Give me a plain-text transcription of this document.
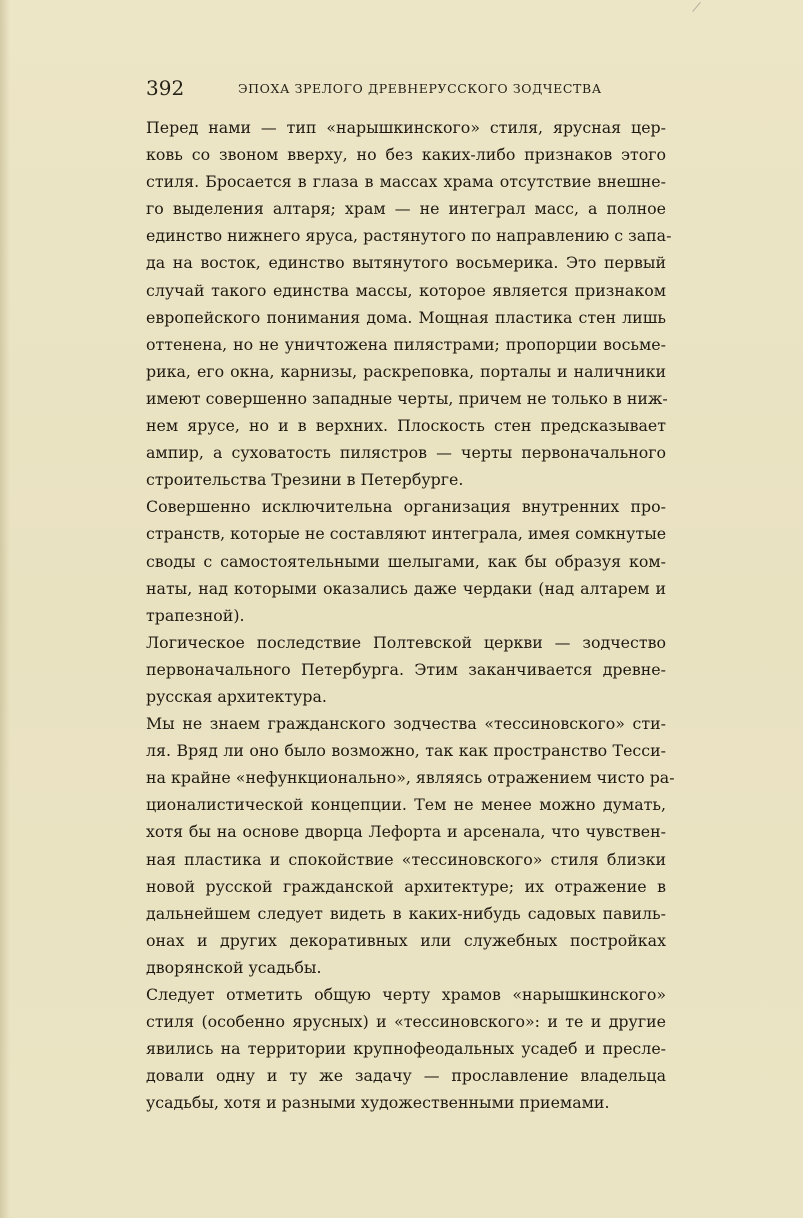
392	ЭПОХА ЗРЕЛОГО ДРЕВНЕРУССКОГО ЗОДЧЕСТВА
Перед нами — тип «нарышкинского» стиля, ярусная цер-
ковь со звоном вверху, но без каких-либо признаков этого
стиля. Бросается в глаза в массах храма отсутствие внешне-
го выделения алтаря; храм — не интеграл масс, а полное
единство нижнего яруса, растянутого по направлению с запа-
да на восток, единство вытянутого восьмерика. Это первый
случай такого единства массы, которое является признаком
европейского понимания дома. Мощная пластика стен лишь
оттенена, но не уничтожена пилястрами; пропорции восьме-
рика, его окна, карнизы, раскреповка, порталы и наличники
имеют совершенно западные черты, причем не только в ниж-
нем ярусе, но и в верхних. Плоскость стен предсказывает
ампир, а суховатость пилястров — черты первоначального
строительства Трезини в Петербурге.
Совершенно исключительна организация внутренних про-
странств, которые не составляют интеграла, имея сомкнутые
своды с самостоятельными шелыгами, как бы образуя ком-
наты, над которыми оказались даже чердаки (над алтарем и
трапезной).
Логическое последствие Полтевской церкви — зодчество
первоначального Петербурга. Этим заканчивается древне-
русская архитектура.
Мы не знаем гражданского зодчества «тессиновского» сти-
ля. Вряд ли оно было возможно, так как пространство Тесси-
на крайне «нефункционально», являясь отражением чисто ра-
ционалистической концепции. Тем не менее можно думать,
хотя бы на основе дворца Лефорта и арсенала, что чувствен-
ная пластика и спокойствие «тессиновского» стиля близки
новой русской гражданской архитектуре; их отражение в
дальнейшем следует видеть в каких-нибудь садовых павиль-
онах и других декоративных или служебных постройках
дворянской усадьбы.
Следует отметить общую черту храмов «нарышкинского»
стиля (особенно ярусных) и «тессиновского»: и те и другие
явились на территории крупнофеодальных усадеб и пресле-
довали одну и ту же задачу — прославление владельца
усадьбы, хотя и разными художественными приемами.
